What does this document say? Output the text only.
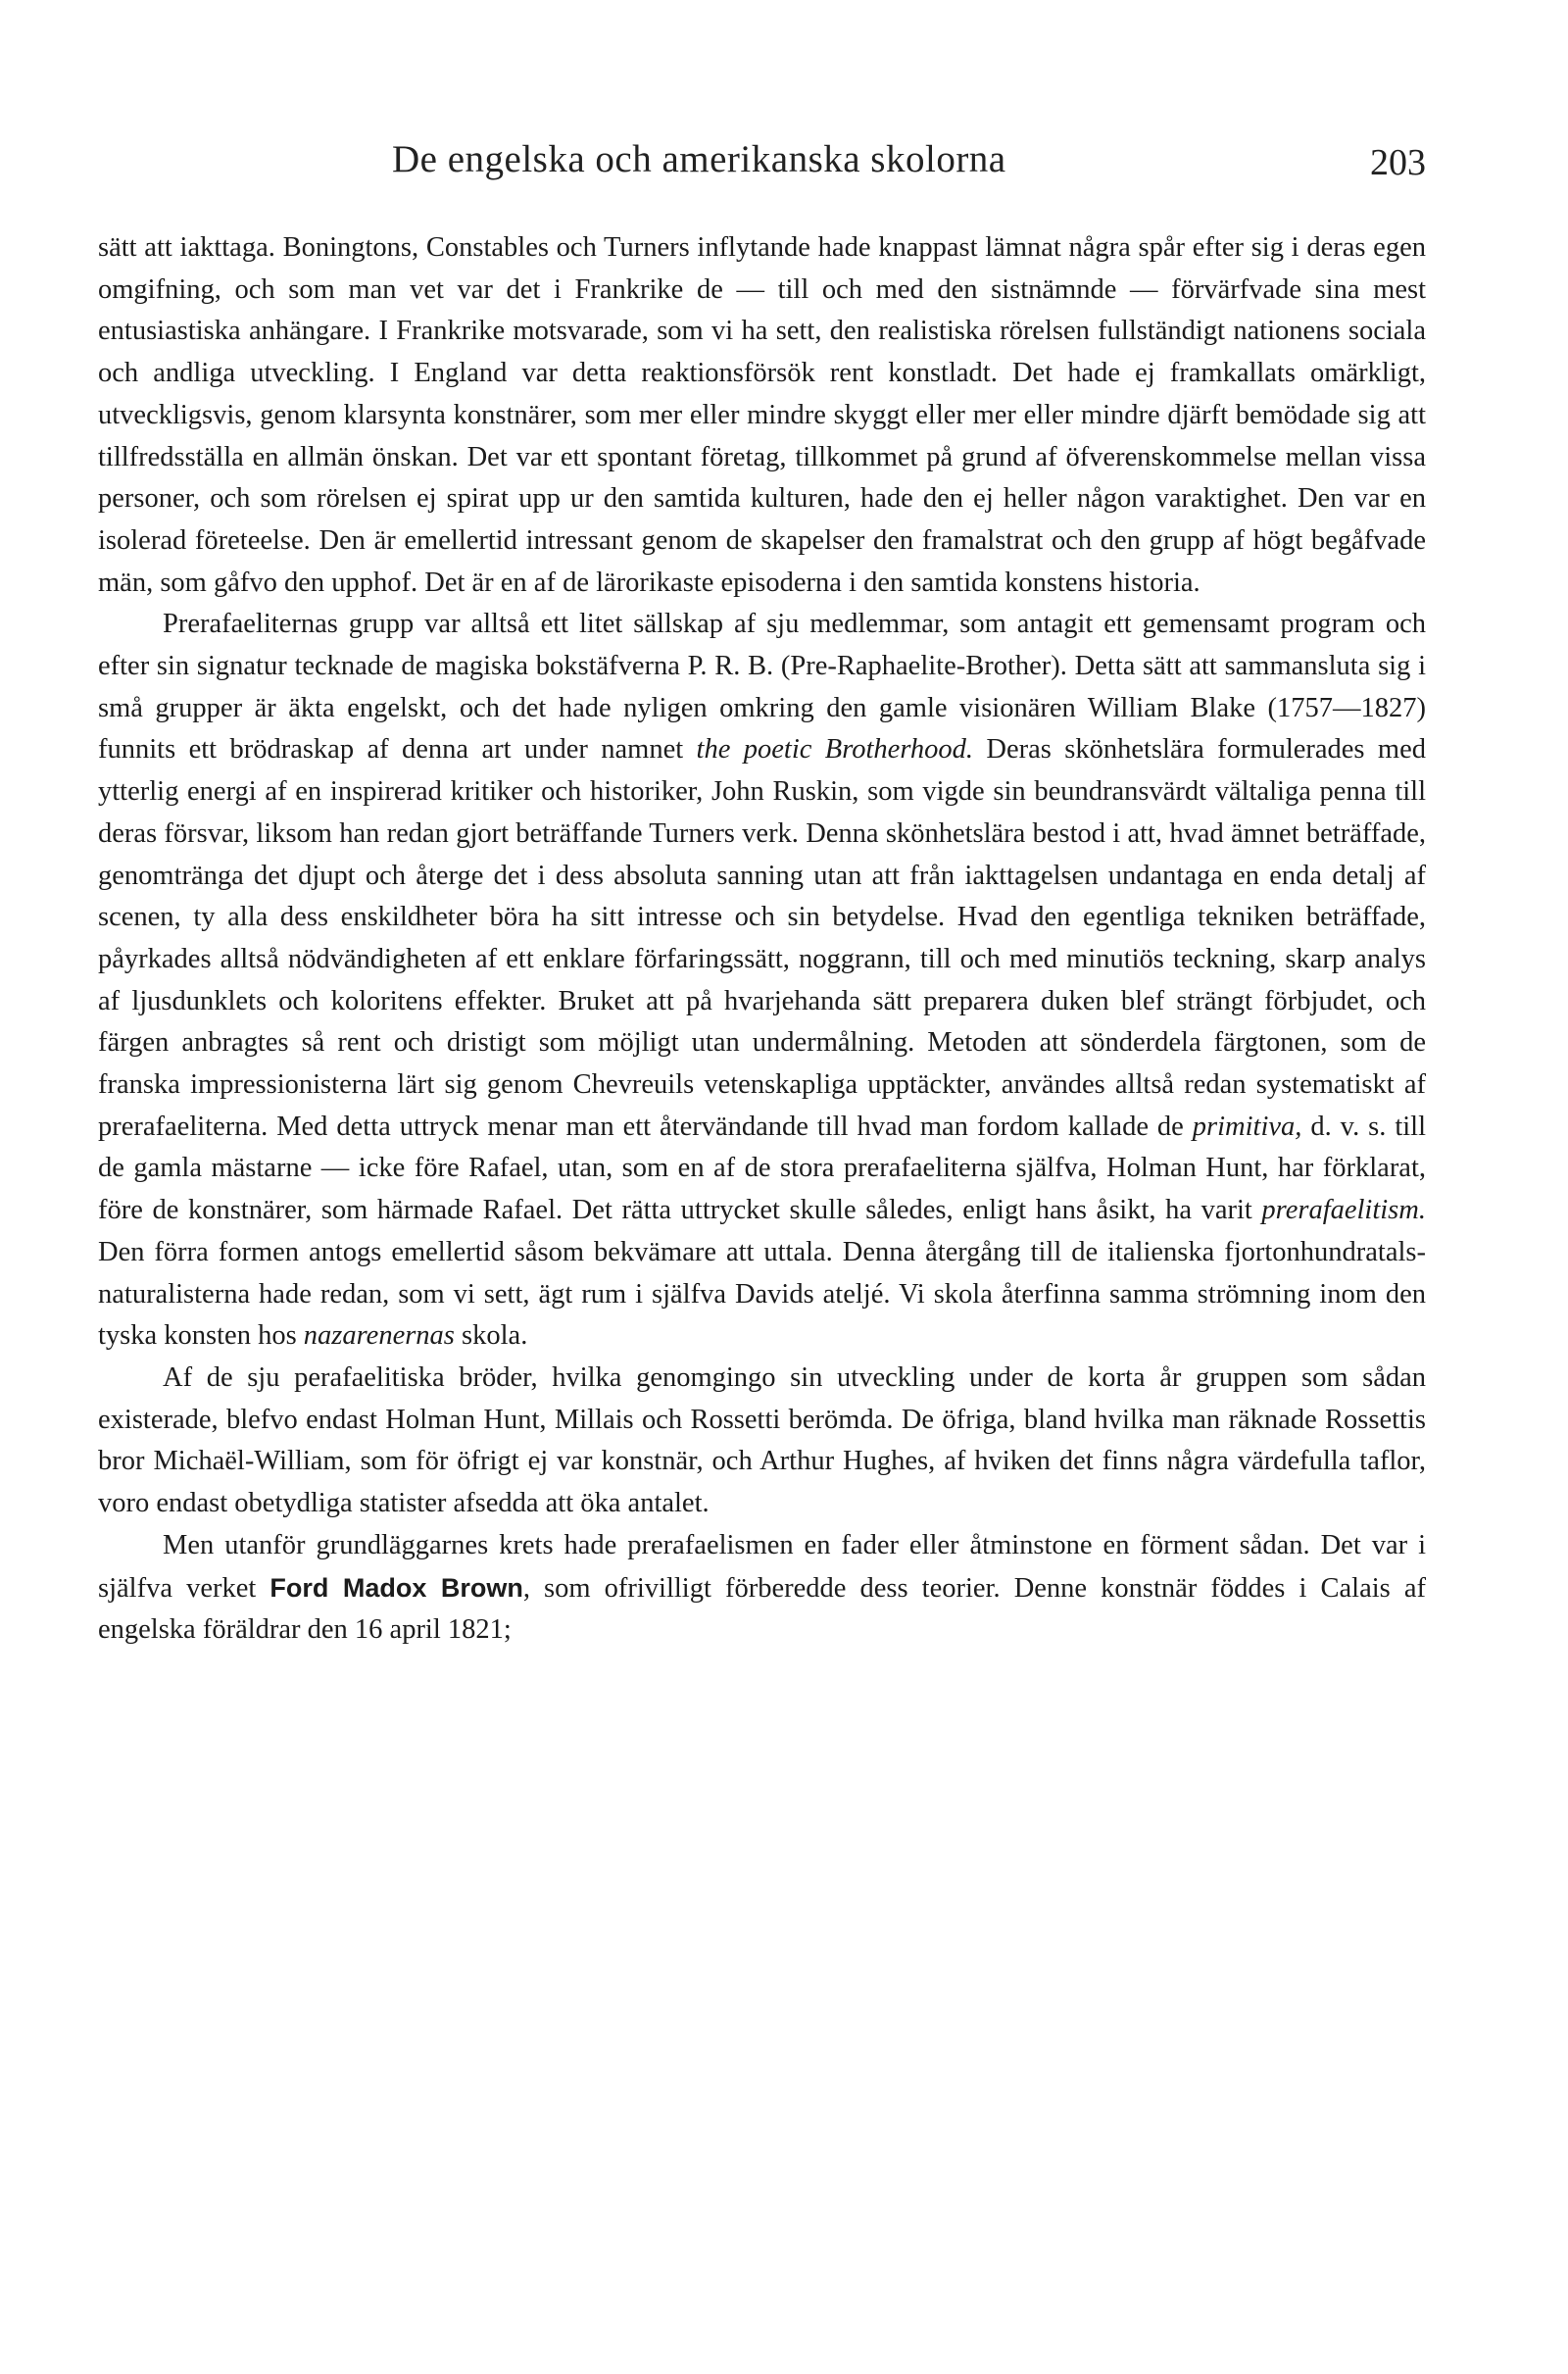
De engelska och amerikanska skolorna	203

sätt att iakttaga. Boningtons, Constables och Turners inflytande hade knappast lämnat några spår efter sig i deras egen omgifning, och som man vet var det i Frankrike de — till och med den sistnämnde — förvärfvade sina mest entusiastiska anhängare. I Frankrike motsvarade, som vi ha sett, den realistiska rörelsen fullständigt nationens sociala och andliga utveckling. I England var detta reaktionsförsök rent konstladt. Det hade ej framkallats omärkligt, utveckligsvis, genom klarsynta konstnärer, som mer eller mindre skyggt eller mer eller mindre djärft bemödade sig att tillfredsställa en allmän önskan. Det var ett spontant företag, tillkommet på grund af öfverenskommelse mellan vissa personer, och som rörelsen ej spirat upp ur den samtida kulturen, hade den ej heller någon varaktighet. Den var en isolerad företeelse. Den är emellertid intressant genom de skapelser den framalstrat och den grupp af högt begåfvade män, som gåfvo den upphof. Det är en af de lärorikaste episoderna i den samtida konstens historia.

Prerafaeliternas grupp var alltså ett litet sällskap af sju medlemmar, som antagit ett gemensamt program och efter sin signatur tecknade de magiska bokstäfverna P. R. B. (Pre-Raphaelite-Brother). Detta sätt att sammansluta sig i små grupper är äkta engelskt, och det hade nyligen omkring den gamle visionären William Blake (1757—1827) funnits ett brödraskap af denna art under namnet the poetic Brotherhood. Deras skönhetslära formulerades med ytterlig energi af en inspirerad kritiker och historiker, John Ruskin, som vigde sin beundransvärdt vältaliga penna till deras försvar, liksom han redan gjort beträffande Turners verk. Denna skönhetslära bestod i att, hvad ämnet beträffade, genomtränga det djupt och återge det i dess absoluta sanning utan att från iakttagelsen undantaga en enda detalj af scenen, ty alla dess enskildheter böra ha sitt intresse och sin betydelse. Hvad den egentliga tekniken beträffade, påyrkades alltså nödvändigheten af ett enklare förfaringssätt, noggrann, till och med minutiös teckning, skarp analys af ljusdunklets och koloritens effekter. Bruket att på hvarjehanda sätt preparera duken blef strängt förbjudet, och färgen anbragtes så rent och dristigt som möjligt utan undermålning. Metoden att sönderdela färgtonen, som de franska impressionisterna lärt sig genom Chevreuils vetenskapliga upptäckter, användes alltså redan systematiskt af prerafaeliterna. Med detta uttryck menar man ett återvändande till hvad man fordom kallade de primitiva, d. v. s. till de gamla mästarne — icke före Rafael, utan, som en af de stora prerafaeliterna själfva, Holman Hunt, har förklarat, före de konstnärer, som härmade Rafael. Det rätta uttrycket skulle således, enligt hans åsikt, ha varit prerafaelitism. Den förra formen antogs emellertid såsom bekvämare att uttala. Denna återgång till de italienska fjortonhundratals-naturalisterna hade redan, som vi sett, ägt rum i själfva Davids ateljé. Vi skola återfinna samma strömning inom den tyska konsten hos nazarenernas skola.

Af de sju perafaelitiska bröder, hvilka genomgingo sin utveckling under de korta år gruppen som sådan existerade, blefvo endast Holman Hunt, Millais och Rossetti berömda. De öfriga, bland hvilka man räknade Rossettis bror Michaël-William, som för öfrigt ej var konstnär, och Arthur Hughes, af hviken det finns några värdefulla taflor, voro endast obetydliga statister afsedda att öka antalet.

Men utanför grundläggarnes krets hade prerafaelismen en fader eller åtminstone en förment sådan. Det var i själfva verket Ford Madox Brown, som ofrivilligt förberedde dess teorier. Denne konstnär föddes i Calais af engelska föräldrar den 16 april 1821;
